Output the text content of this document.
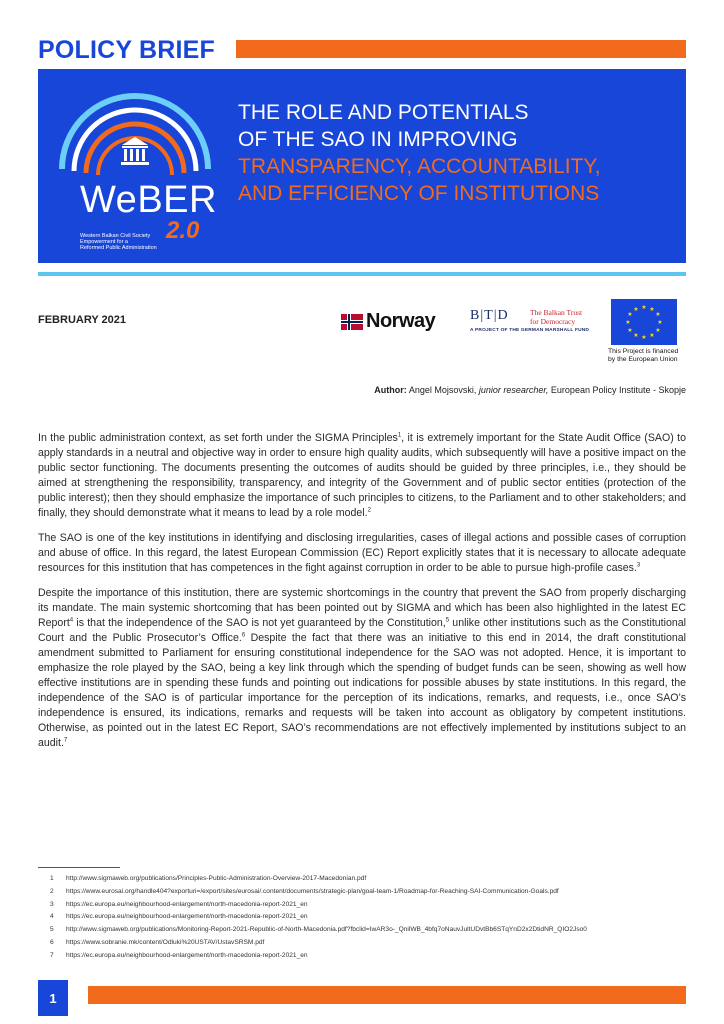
POLICY BRIEF
WeBER
2.0
Western Balkan Civil Society
Empowerment for a
Reformed Public Administration
THE ROLE AND POTENTIALS
OF THE SAO IN IMPROVING
TRANSPARENCY, ACCOUNTABILITY,
AND EFFICIENCY OF INSTITUTIONS
FEBRUARY 2021	Norway B|T|D	The Balkan Trust
for Democracy
A PROJECT OF THE GERMAN MARSHALL FUND
★ ★
★
★
★
★
★
★
★
★
★
★
This Project is financed
by the European Union
Author: Angel Mojsovski, junior researcher, European Policy Institute - Skopje

In the public administration context, as set forth under the SIGMA Principles$^1$, it is extremely important for the State Audit Office (SAO) to apply standards in a neutral and objective way in order to ensure high quality audits, which subsequently will have a positive impact on the public sector functioning. The documents presenting the outcomes of audits should be guided by three principles, i.e., they should be aimed at strengthening the responsibility, transparency, and integrity of the Government and of public sector entities (protection of the public interest); then they should emphasize the importance of such principles to citizens, to the Parliament and to other stakeholders; and finally, they should demonstrate what it means to lead by a role model.$^2$

The SAO is one of the key institutions in identifying and disclosing irregularities, cases of illegal actions and possible cases of corruption and abuse of office. In this regard, the latest European Commission (EC) Report explicitly states that it is necessary to allocate adequate resources for this institution that has competences in the fight against corruption in order to be able to pursue high-profile cases.$^3$

Despite the importance of this institution, there are systemic shortcomings in the country that prevent the SAO from properly discharging its mandate. The main systemic shortcoming that has been pointed out by SIGMA and which has been also highlighted in the latest EC Report$^4$ is that the independence of the SAO is not yet guaranteed by the Constitution,$^5$ unlike other institutions such as the Constitutional Court and the Public Prosecutor’s Office.$^6$ Despite the fact that there was an initiative to this end in 2014, the draft constitutional amendment submitted to Parliament for ensuring constitutional independence for the SAO was not adopted. Hence, it is important to emphasize the role played by the SAO, being a key link through which the spending of budget funds can be seen, showing as well how effective institutions are in spending these funds and pointing out indications for possible abuses by state institutions. In this regard, the independence of the SAO is of particular importance for the perception of its indications, remarks, and requests, i.e., once SAO’s independence is ensured, its indications, remarks and requests will be taken into account as obligatory by competent institutions. Otherwise, as pointed out in the latest EC Report, SAO’s recommendations are not effectively implemented by institutions subject to an audit.$^7$

1 http://www.sigmaweb.org/publications/Principles-Public-Administration-Overview-2017-Macedonian.pdf
2 https://www.eurosai.org/handle404?exporturi=/export/sites/eurosai/.content/documents/strategic-plan/goal-team-1/Roadmap-for-Reaching-SAI-Communication-Goals.pdf
3 https://ec.europa.eu/neighbourhood-enlargement/north-macedonia-report-2021_en
4 https://ec.europa.eu/neighbourhood-enlargement/north-macedonia-report-2021_en
5 http://www.sigmaweb.org/publications/Monitoring-Report-2021-Republic-of-North-Macedonia.pdf?fbclid=IwAR3o-_QnilWB_4bfq7oNauvJultUDvtBb6STqYnD2x2DtidNR_QIO2Jso0
6 https://www.sobranie.mk/content/Odluki%20USTAV/UstavSRSM.pdf
7 https://ec.europa.eu/neighbourhood-enlargement/north-macedonia-report-2021_en
1
